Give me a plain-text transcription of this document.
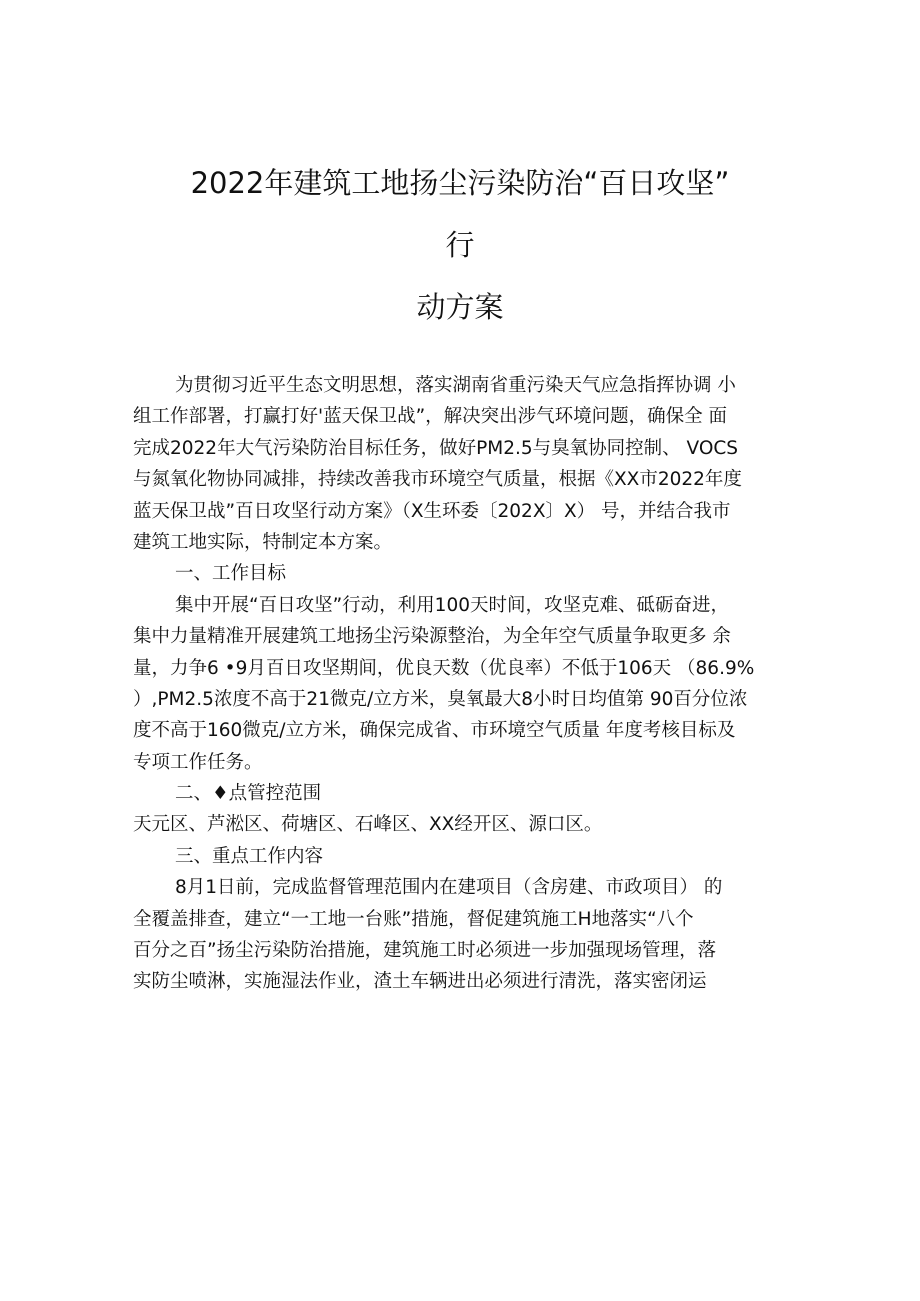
2022年建筑工地扬尘污染防治“百日攻坚”
行
动方案
为贯彻习近平生态文明思想，落实湖南省重污染天气应急指挥协调 小
组工作部署，打赢打好'蓝天保卫战”，解决突出涉气环境问题，确保全 面
完成2022年大气污染防治目标任务，做好PM2.5与臭氧协同控制、 VOCS
与氮氧化物协同减排，持续改善我市环境空气质量，根据《XX市2022年度
蓝天保卫战”百日攻坚行动方案》（X生环委〔202X〕X） 号，并结合我市
建筑工地实际，特制定本方案。
一、工作目标
集中开展“百日攻坚”行动，利用100天时间，攻坚克难、砥砺奋进，
集中力量精准开展建筑工地扬尘污染源整治，为全年空气质量争取更多 余
量，力争6 •9月百日攻坚期间，优良天数（优良率）不低于106天 （86.9%
）,PM2.5浓度不高于21微克/立方米，臭氧最大8小时日均值第 90百分位浓
度不高于160微克/立方米，确保完成省、市环境空气质量 年度考核目标及
专项工作任务。
二、♦点管控范围
天元区、芦淞区、荷塘区、石峰区、XX经开区、源口区。
三、重点工作内容
8月1日前，完成监督管理范围内在建项目（含房建、市政项目） 的
全覆盖排查，建立“一工地一台账”措施，督促建筑施工H地落实“八个
百分之百”扬尘污染防治措施，建筑施工时必须进一步加强现场管理，落
实防尘喷淋，实施湿法作业，渣土车辆进出必须进行清洗，落实密闭运
